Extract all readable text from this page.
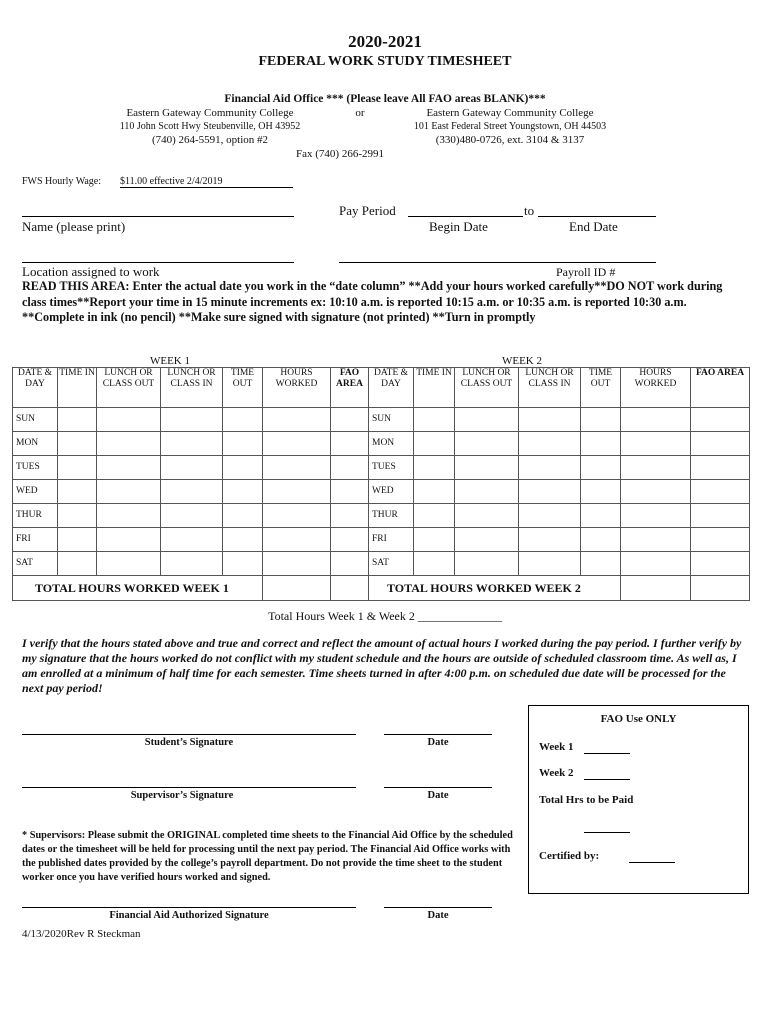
2020-2021
FEDERAL WORK STUDY TIMESHEET
Financial Aid Office *** (Please leave All FAO areas BLANK)***
Eastern Gateway Community College	or	Eastern Gateway Community College
110 John Scott Hwy Steubenville, OH 43952	101 East Federal Street Youngstown, OH 44503
(740) 264-5591, option #2	(330)480-0726, ext. 3104 & 3137
Fax (740) 266-2991
FWS Hourly Wage: $11.00 effective 2/4/2019
Name (please print)
Pay Period	to
Begin Date	End Date
Location assigned to work	Payroll ID #
READ THIS AREA: Enter the actual date you work in the “date column” **Add your hours worked carefully**DO NOT work during class times**Report your time in 15 minute increments ex: 10:10 a.m. is reported 10:15 a.m. or 10:35 a.m. is reported 10:30 a.m. **Complete in ink (no pencil) **Make sure signed with signature (not printed) **Turn in promptly
WEEK 1	WEEK 2
DATE & DAY	TIME IN	LUNCH OR CLASS OUT	LUNCH OR CLASS IN	TIME OUT	HOURS WORKED	FAO AREA	DATE & DAY	TIME IN	LUNCH OR CLASS OUT	LUNCH OR CLASS IN	TIME OUT	HOURS WORKED	FAO AREA
SUN							SUN						
MON							MON						
TUES							TUES						
WED							WED						
THUR							THUR						
FRI							FRI						
SAT							SAT						
TOTAL HOURS WORKED WEEK 1							TOTAL HOURS WORKED WEEK 2						
Total Hours Week 1 & Week 2 ______________
I verify that the hours stated above and true and correct and reflect the amount of actual hours I worked during the pay period. I further verify by my signature that the hours worked do not conflict with my student schedule and the hours are outside of scheduled classroom time. As well as, I am enrolled at a minimum of half time for each semester. Time sheets turned in after 4:00 p.m. on scheduled due date will be processed for the next pay period!
Student’s Signature	Date
Supervisor’s Signature	Date
* Supervisors: Please submit the ORIGINAL completed time sheets to the Financial Aid Office by the scheduled dates or the timesheet will be held for processing until the next pay period. The Financial Aid Office works with the published dates provided by the college’s payroll department. Do not provide the time sheet to the student worker once you have verified hours worked and signed.
Financial Aid Authorized Signature	Date
FAO Use ONLY
Week 1
Week 2
Total Hrs to be Paid
Certified by:
4/13/2020Rev R Steckman
